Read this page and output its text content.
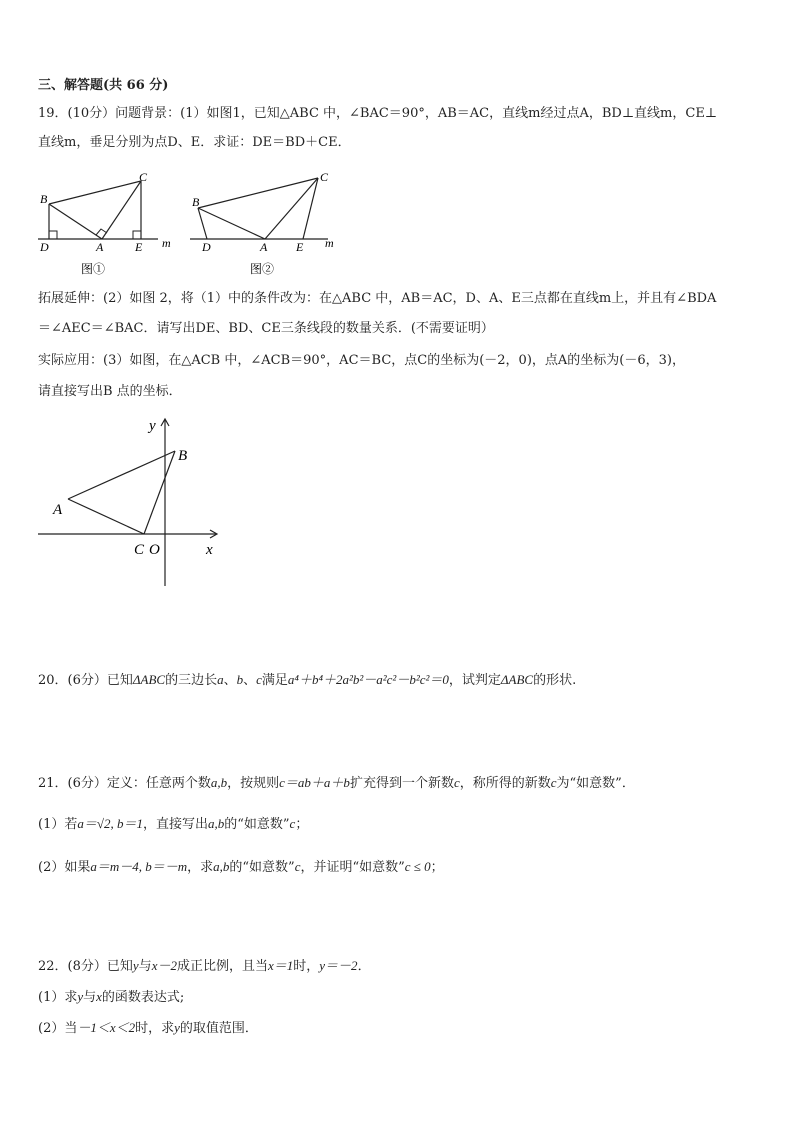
三、解答题(共 66 分)
19．(10分）问题背景：(1）如图1，已知△ABC 中，∠BAC＝90°，AB＝AC，直线m经过点A，BD⊥直线m，CE⊥
直线m，垂足分别为点D、E．求证：DE＝BD＋CE．
B
C
D	A	E m
图①
B
C
D	A E m
图②
拓展延伸：(2）如图 2，将（1）中的条件改为：在△ABC 中，AB＝AC，D、A、E三点都在直线m上，并且有∠BDA
＝∠AEC＝∠BAC．请写出DE、BD、CE三条线段的数量关系．(不需要证明）
实际应用：(3）如图，在△ACB 中，∠ACB＝90°，AC＝BC，点C的坐标为(－2，0)，点A的坐标为(－6，3)，
请直接写出B 点的坐标．
y
B
A
C O	x
20．(6分）已知ΔABC的三边长a、b、c满足a⁴＋b⁴＋2a²b²－a²c²－b²c²＝0，试判定ΔABC的形状.
21．(6分）定义：任意两个数a,b，按规则c＝ab＋a＋b扩充得到一个新数c，称所得的新数c为“如意数”．
(1）若a＝√2, b＝1，直接写出a,b的“如意数”c；
(2）如果a＝m－4, b＝－m，求a,b的“如意数”c，并证明“如意数”c ≤ 0；
22．(8分）已知y与x－2成正比例，且当x＝1时，y＝－2．
(1）求y与x的函数表达式;
(2）当－1＜x＜2时，求y的取值范围．
